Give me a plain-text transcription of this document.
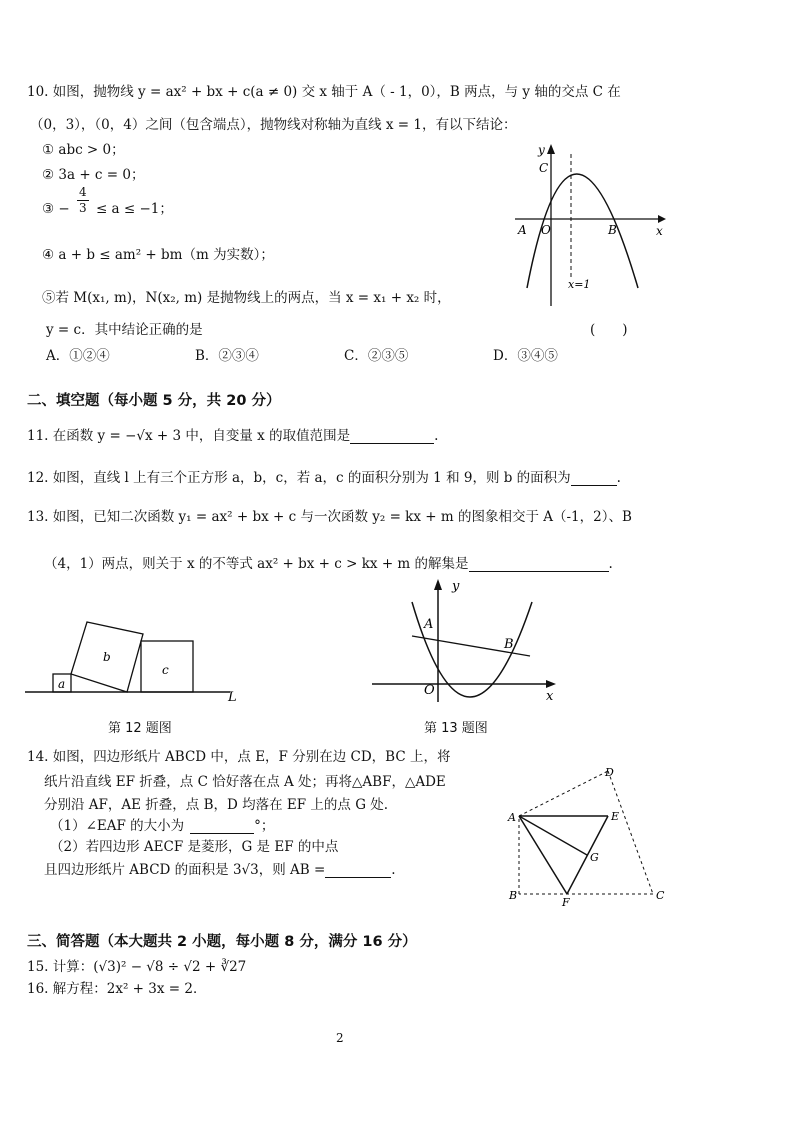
10. 如图，抛物线 y = ax² + bx + c(a ≠ 0) 交 x 轴于 A（ - 1，0），B 两点，与 y 轴的交点 C 在
（0，3），（0，4）之间（包含端点），抛物线对称轴为直线 x = 1，有以下结论：
① abc > 0；
② 3a + c = 0；
③ − $\frac{4}{3} \le a \le -1$；
④ a + b ≤ am² + bm（m 为实数）；
⑤若 M(x₁, m)，N(x₂, m) 是抛物线上的两点，当 x = x₁ + x₂ 时，
y = c．其中结论正确的是	(　　)
A．①②④	B．②③④	C．②③⑤	D．③④⑤
y
x
C
A O	B
x=1
二、填空题（每小题 5 分，共 20 分）
11. 在函数 y = −√x + 3 中，自变量 x 的取值范围是	.
12. 如图，直线 l 上有三个正方形 a，b，c，若 a，c 的面积分别为 1 和 9，则 b 的面积为	.
13. 如图，已知二次函数 y₁ = ax² + bx + c 与一次函数 y₂ = kx + m 的图象相交于 A（-1，2）、B
（4，1）两点，则关于 x 的不等式 ax² + bx + c > kx + m 的解集是	.
a
b
c
L
第 12 题图
y
x
A
B
O
第 13 题图
14. 如图，四边形纸片 ABCD 中，点 E，F 分别在边 CD，BC 上，将
纸片沿直线 EF 折叠，点 C 恰好落在点 A 处；再将△ABF，△ADE
分别沿 AF，AE 折叠，点 B，D 均落在 EF 上的点 G 处.
（1）∠EAF 的大小为	°；
（2）若四边形 AECF 是菱形，G 是 EF 的中点
且四边形纸片 ABCD 的面积是 3√3，则 AB =	.
A
B	C
D
E
F
G
三、简答题（本大题共 2 小题，每小题 8 分，满分 16 分）
15. 计算：(√3)² − √8 ÷ √2 + ∛27
16. 解方程：2x² + 3x = 2．
2
